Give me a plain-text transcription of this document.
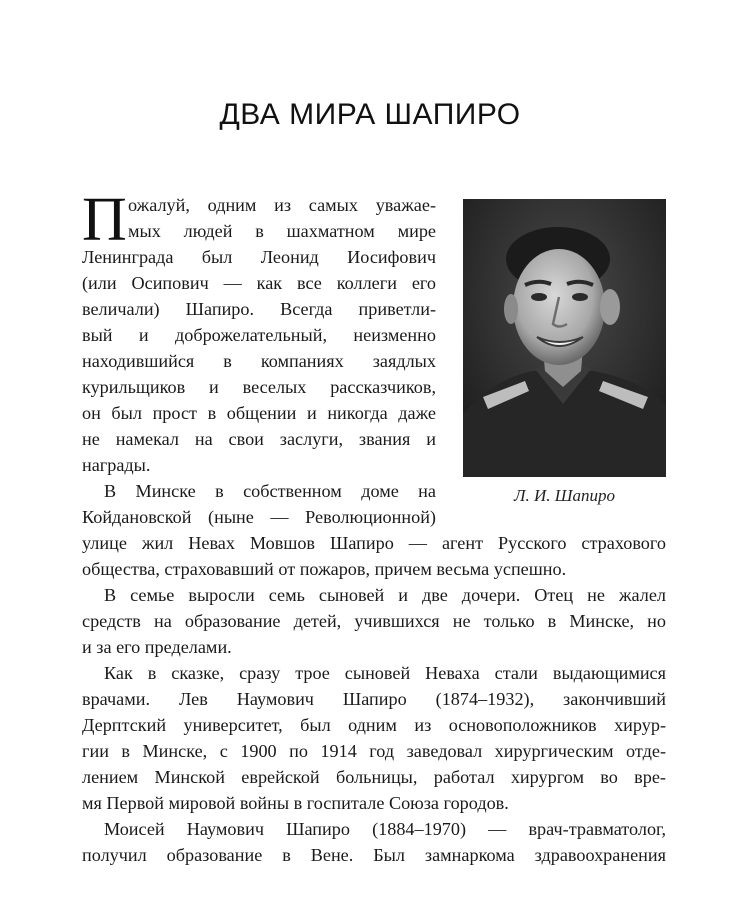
ДВА МИРА ШАПИРО
Л. И. Шапиро
П ожалуй, одним из самых уважае-
мых людей в шахматном мире
Ленинграда был Леонид Иосифович
(или Осипович — как все коллеги его
величали) Шапиро. Всегда приветли-
вый и доброжелательный, неизменно
находившийся в компаниях заядлых
курильщиков и веселых рассказчиков,
он был прост в общении и никогда даже
не намекал на свои заслуги, звания и
награды.
В Минске в собственном доме на
Койдановской (ныне — Революционной)
улице жил Невах Мовшов Шапиро — агент Русского страхового
общества, страховавший от пожаров, причем весьма успешно.
В семье выросли семь сыновей и две дочери. Отец не жалел
средств на образование детей, учившихся не только в Минске, но
и за его пределами.
Как в сказке, сразу трое сыновей Неваха стали выдающимися
врачами. Лев Наумович Шапиро (1874–1932), закончивший
Дерптский университет, был одним из основоположников хирур-
гии в Минске, с 1900 по 1914 год заведовал хирургическим отде-
лением Минской еврейской больницы, работал хирургом во вре-
мя Первой мировой войны в госпитале Союза городов.
Моисей Наумович Шапиро (1884–1970) — врач-травматолог,
получил образование в Вене. Был замнаркома здравоохранения
